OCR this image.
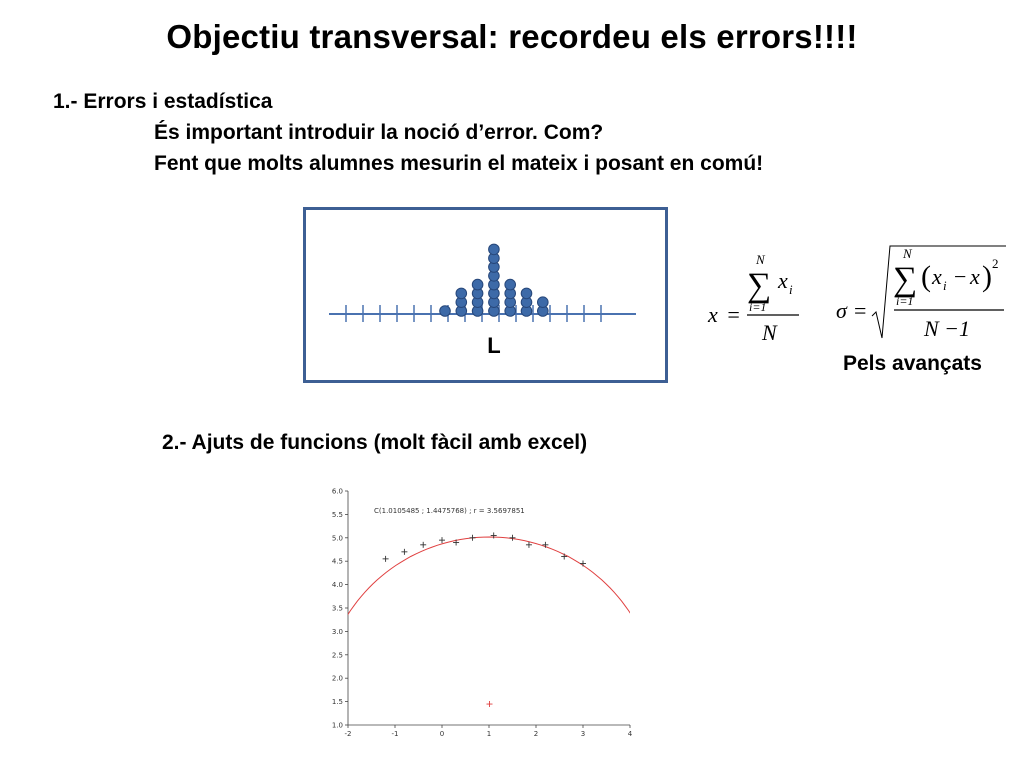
Objectiu transversal: recordeu els errors!!!!
1.- Errors i estadística
És important introduir la noció d’error. Com?
Fent que molts alumnes mesurin el mateix i posant en comú!
L
x =
N
∑
i=1
x i
N
σ =
N
∑
i=1
( x i − x ) 2
N −1
Pels avançats
2.- Ajuts de funcions (molt fàcil amb excel)
-2	-1	0	1	2	3	4
1.0
1.5
2.0
2.5
3.0
3.5
4.0
4.5
5.0
5.5
6.0
C(1.0105485 ; 1.4475768) ; r = 3.5697851
